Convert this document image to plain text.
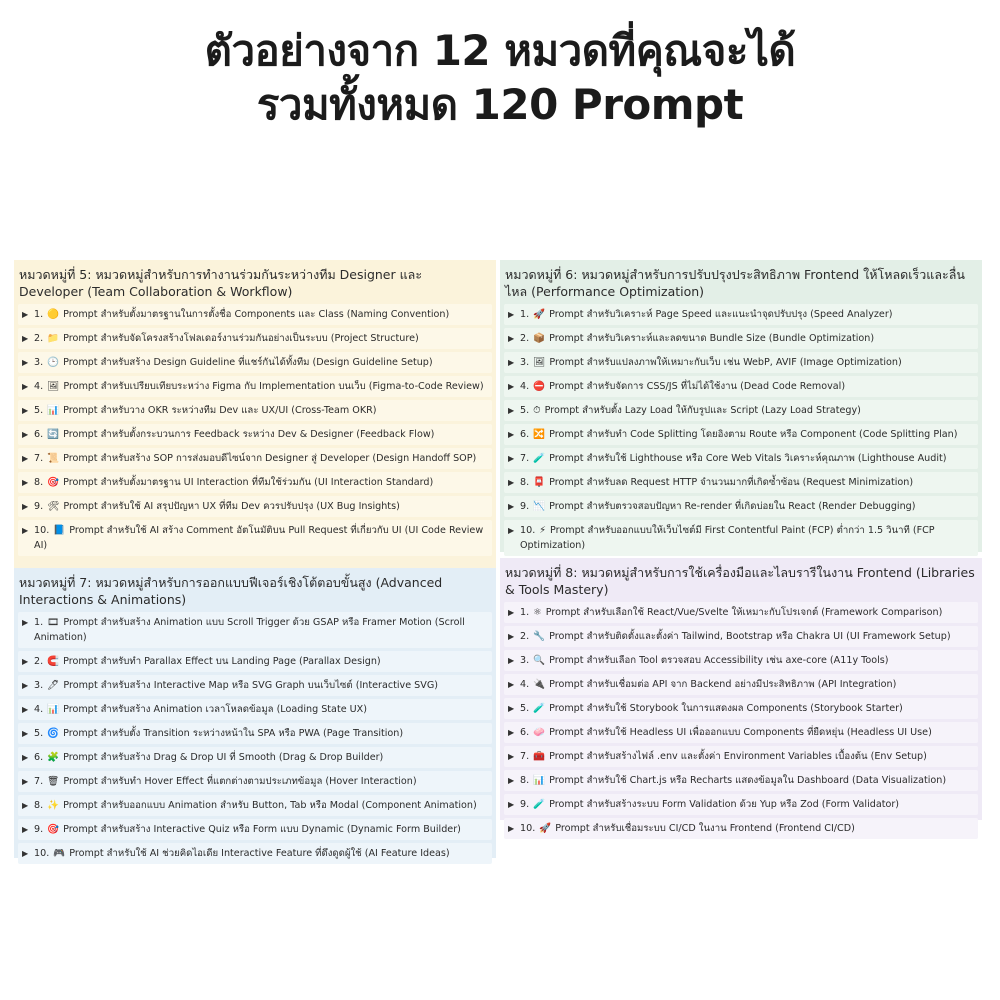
ตัวอย่างจาก 12 หมวดที่คุณจะได้
รวมทั้งหมด 120 Prompt
หมวดหมู่ที่ 5: หมวดหมู่สำหรับการทำงานร่วมกันระหว่างทีม Designer และ Developer (Team Collaboration & Workflow)
▶ 1. 🟡 Prompt สำหรับตั้งมาตรฐานในการตั้งชื่อ Components และ Class (Naming Convention)
▶ 2. 📁 Prompt สำหรับจัดโครงสร้างโฟลเดอร์งานร่วมกันอย่างเป็นระบบ (Project Structure)
▶ 3. 🕒 Prompt สำหรับสร้าง Design Guideline ที่แชร์กันได้ทั้งทีม (Design Guideline Setup)
▶ 4. 🖼 Prompt สำหรับเปรียบเทียบระหว่าง Figma กับ Implementation บนเว็บ (Figma-to-Code Review)
▶ 5. 📊 Prompt สำหรับวาง OKR ระหว่างทีม Dev และ UX/UI (Cross-Team OKR)
▶ 6. 🔄 Prompt สำหรับตั้งกระบวนการ Feedback ระหว่าง Dev & Designer (Feedback Flow)
▶ 7. 📜 Prompt สำหรับสร้าง SOP การส่งมอบดีไซน์จาก Designer สู่ Developer (Design Handoff SOP)
▶ 8. 🎯 Prompt สำหรับตั้งมาตรฐาน UI Interaction ที่ทีมใช้ร่วมกัน (UI Interaction Standard)
▶ 9. 🛠 Prompt สำหรับใช้ AI สรุปปัญหา UX ที่ทีม Dev ควรปรับปรุง (UX Bug Insights)
▶ 10. 📘 Prompt สำหรับใช้ AI สร้าง Comment อัตโนมัติบน Pull Request ที่เกี่ยวกับ UI (UI Code Review AI)
หมวดหมู่ที่ 7: หมวดหมู่สำหรับการออกแบบฟีเจอร์เชิงโต้ตอบขั้นสูง (Advanced Interactions & Animations)
▶ 1. 🎞 Prompt สำหรับสร้าง Animation แบบ Scroll Trigger ด้วย GSAP หรือ Framer Motion (Scroll Animation)
▶ 2. 🧲 Prompt สำหรับทำ Parallax Effect บน Landing Page (Parallax Design)
▶ 3. 🖊 Prompt สำหรับสร้าง Interactive Map หรือ SVG Graph บนเว็บไซต์ (Interactive SVG)
▶ 4. 📊 Prompt สำหรับสร้าง Animation เวลาโหลดข้อมูล (Loading State UX)
▶ 5. 🌀 Prompt สำหรับตั้ง Transition ระหว่างหน้าใน SPA หรือ PWA (Page Transition)
▶ 6. 🧩 Prompt สำหรับสร้าง Drag & Drop UI ที่ Smooth (Drag & Drop Builder)
▶ 7. 🗑 Prompt สำหรับทำ Hover Effect ที่แตกต่างตามประเภทข้อมูล (Hover Interaction)
▶ 8. ✨ Prompt สำหรับออกแบบ Animation สำหรับ Button, Tab หรือ Modal (Component Animation)
▶ 9. 🎯 Prompt สำหรับสร้าง Interactive Quiz หรือ Form แบบ Dynamic (Dynamic Form Builder)
▶ 10. 🎮 Prompt สำหรับใช้ AI ช่วยคิดไอเดีย Interactive Feature ที่ดึงดูดผู้ใช้ (AI Feature Ideas)
หมวดหมู่ที่ 6: หมวดหมู่สำหรับการปรับปรุงประสิทธิภาพ Frontend ให้โหลดเร็วและลื่นไหล (Performance Optimization)
▶ 1. 🚀 Prompt สำหรับวิเคราะห์ Page Speed และแนะนำจุดปรับปรุง (Speed Analyzer)
▶ 2. 📦 Prompt สำหรับวิเคราะห์และลดขนาด Bundle Size (Bundle Optimization)
▶ 3. 🖼 Prompt สำหรับแปลงภาพให้เหมาะกับเว็บ เช่น WebP, AVIF (Image Optimization)
▶ 4. ⛔ Prompt สำหรับจัดการ CSS/JS ที่ไม่ได้ใช้งาน (Dead Code Removal)
▶ 5. ⏱ Prompt สำหรับตั้ง Lazy Load ให้กับรูปและ Script (Lazy Load Strategy)
▶ 6. 🔀 Prompt สำหรับทำ Code Splitting โดยอิงตาม Route หรือ Component (Code Splitting Plan)
▶ 7. 🧪 Prompt สำหรับใช้ Lighthouse หรือ Core Web Vitals วิเคราะห์คุณภาพ (Lighthouse Audit)
▶ 8. 📮 Prompt สำหรับลด Request HTTP จำนวนมากที่เกิดซ้ำซ้อน (Request Minimization)
▶ 9. 📉 Prompt สำหรับตรวจสอบปัญหา Re-render ที่เกิดบ่อยใน React (Render Debugging)
▶ 10. ⚡ Prompt สำหรับออกแบบให้เว็บไซต์มี First Contentful Paint (FCP) ต่ำกว่า 1.5 วินาที (FCP Optimization)
หมวดหมู่ที่ 8: หมวดหมู่สำหรับการใช้เครื่องมือและไลบรารีในงาน Frontend (Libraries & Tools Mastery)
▶ 1. ⚛ Prompt สำหรับเลือกใช้ React/Vue/Svelte ให้เหมาะกับโปรเจกต์ (Framework Comparison)
▶ 2. 🔧 Prompt สำหรับติดตั้งและตั้งค่า Tailwind, Bootstrap หรือ Chakra UI (UI Framework Setup)
▶ 3. 🔍 Prompt สำหรับเลือก Tool ตรวจสอบ Accessibility เช่น axe-core (A11y Tools)
▶ 4. 🔌 Prompt สำหรับเชื่อมต่อ API จาก Backend อย่างมีประสิทธิภาพ (API Integration)
▶ 5. 🧪 Prompt สำหรับใช้ Storybook ในการแสดงผล Components (Storybook Starter)
▶ 6. 🧼 Prompt สำหรับใช้ Headless UI เพื่อออกแบบ Components ที่ยืดหยุ่น (Headless UI Use)
▶ 7. 🧰 Prompt สำหรับสร้างไฟล์ .env และตั้งค่า Environment Variables เบื้องต้น (Env Setup)
▶ 8. 📊 Prompt สำหรับใช้ Chart.js หรือ Recharts แสดงข้อมูลใน Dashboard (Data Visualization)
▶ 9. 🧪 Prompt สำหรับสร้างระบบ Form Validation ด้วย Yup หรือ Zod (Form Validator)
▶ 10. 🚀 Prompt สำหรับเชื่อมระบบ CI/CD ในงาน Frontend (Frontend CI/CD)
